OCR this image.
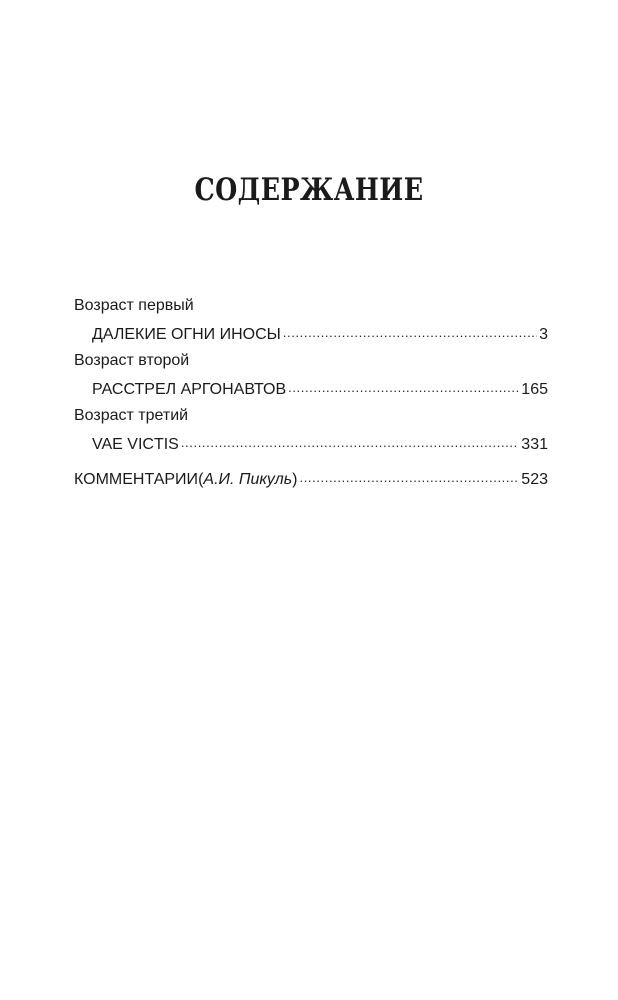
СОДЕРЖАНИЕ
Возраст первый
ДАЛЕКИЕ ОГНИ ИНОСЫ .....	3
Возраст второй
РАССТРЕЛ АРГОНАВТОВ .....	165
Возраст третий
VAE VICTIS .....	331
КОММЕНТАРИИ ( А.И. Пикуль ) .....	523
